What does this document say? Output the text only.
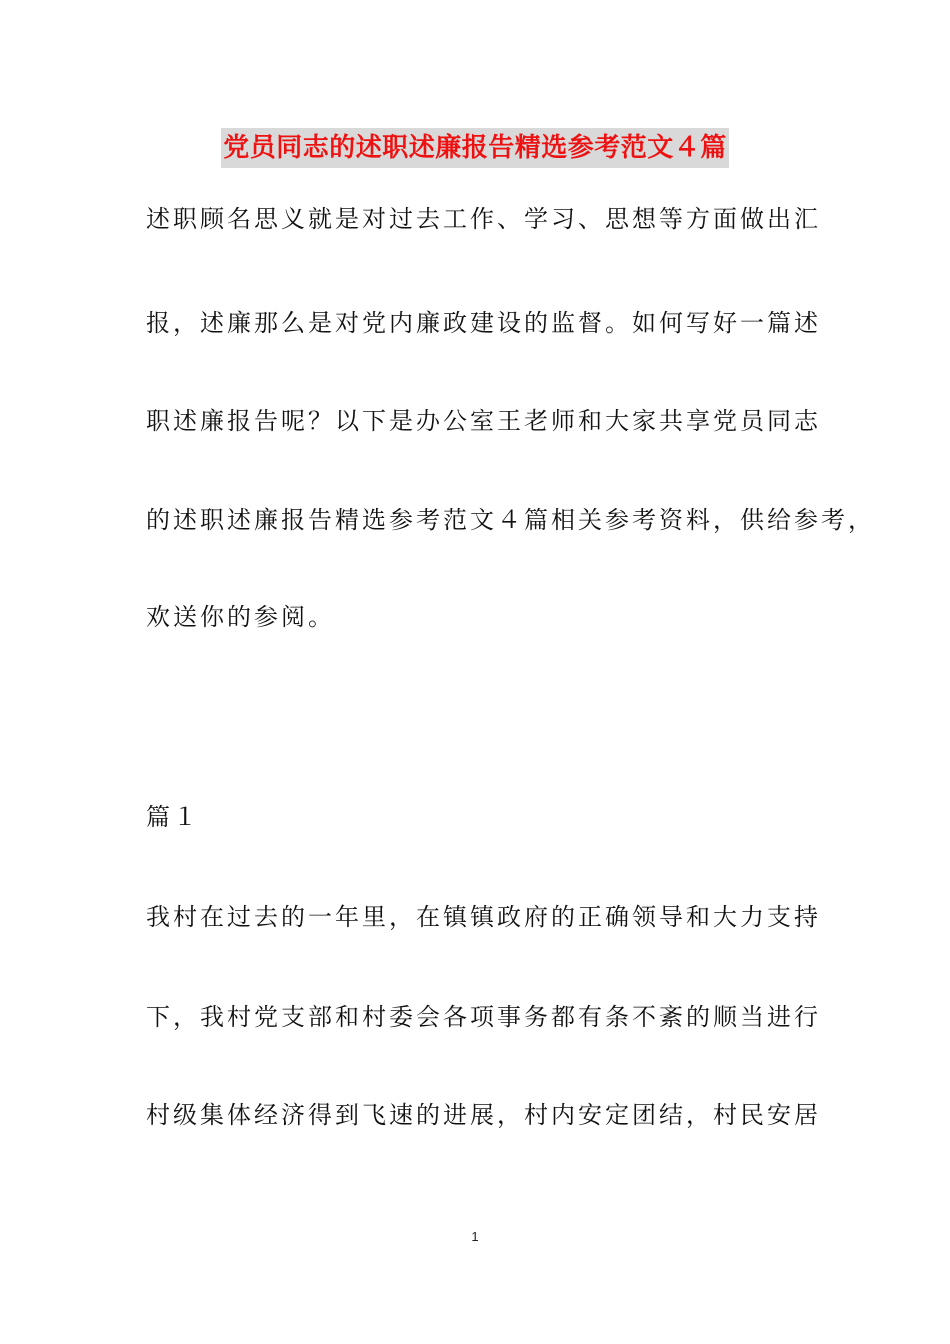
党员同志的述职述廉报告精选参考范文４篇
述职顾名思义就是对过去工作、学习、思想等方面做出汇
报，述廉那么是对党内廉政建设的监督。如何写好一篇述
职述廉报告呢？以下是办公室王老师和大家共享党员同志
的述职述廉报告精选参考范文４篇相关参考资料，供给参考，
欢送你的参阅。
篇１
我村在过去的一年里，在镇镇政府的正确领导和大力支持
下，我村党支部和村委会各项事务都有条不紊的顺当进行
村级集体经济得到飞速的进展，村内安定团结，村民安居
1
